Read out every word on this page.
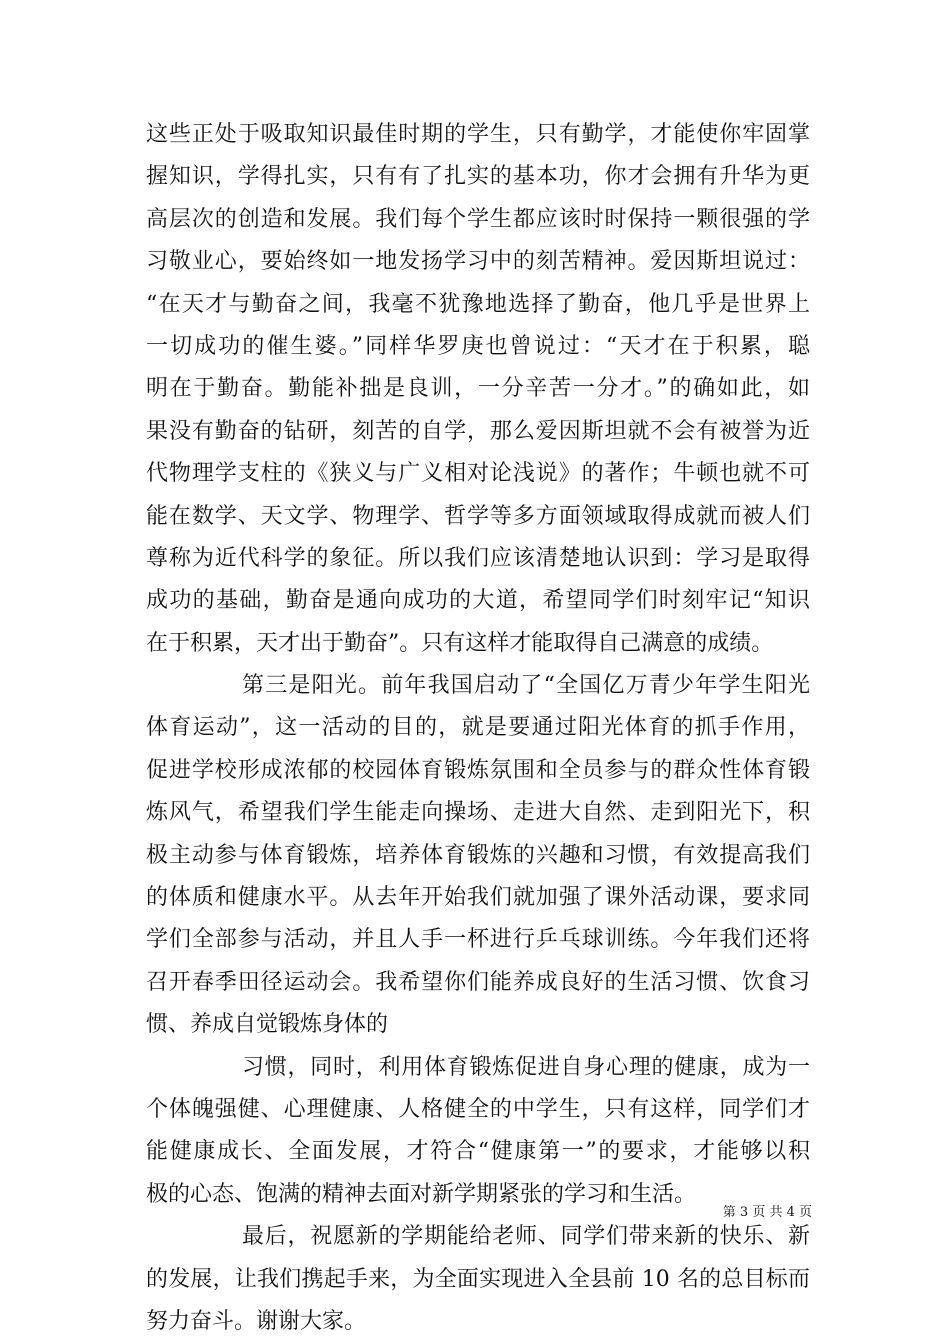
这些正处于吸取知识最佳时期的学生，只有勤学，才能使你牢固掌
握知识，学得扎实，只有有了扎实的基本功，你才会拥有升华为更
高层次的创造和发展。我们每个学生都应该时时保持一颗很强的学
习敬业心，要始终如一地发扬学习中的刻苦精神。爱因斯坦说过：
“在天才与勤奋之间，我毫不犹豫地选择了勤奋，他几乎是世界上
一切成功的催生婆。”同样华罗庚也曾说过：“天才在于积累，聪
明在于勤奋。勤能补拙是良训，一分辛苦一分才。”的确如此，如
果没有勤奋的钻研，刻苦的自学，那么爱因斯坦就不会有被誉为近
代物理学支柱的《狭义与广义相对论浅说》的著作；牛顿也就不可
能在数学、天文学、物理学、哲学等多方面领域取得成就而被人们
尊称为近代科学的象征。所以我们应该清楚地认识到：学习是取得
成功的基础，勤奋是通向成功的大道，希望同学们时刻牢记“知识
在于积累，天才出于勤奋”。只有这样才能取得自己满意的成绩。
第三是阳光。前年我国启动了“全国亿万青少年学生阳光
体育运动”，这一活动的目的，就是要通过阳光体育的抓手作用，
促进学校形成浓郁的校园体育锻炼氛围和全员参与的群众性体育锻
炼风气，希望我们学生能走向操场、走进大自然、走到阳光下，积
极主动参与体育锻炼，培养体育锻炼的兴趣和习惯，有效提高我们
的体质和健康水平。从去年开始我们就加强了课外活动课，要求同
学们全部参与活动，并且人手一杯进行乒乓球训练。今年我们还将
召开春季田径运动会。我希望你们能养成良好的生活习惯、饮食习
惯、养成自觉锻炼身体的
习惯，同时，利用体育锻炼促进自身心理的健康，成为一
个体魄强健、心理健康、人格健全的中学生，只有这样，同学们才
能健康成长、全面发展，才符合“健康第一”的要求，才能够以积
极的心态、饱满的精神去面对新学期紧张的学习和生活。
最后，祝愿新的学期能给老师、同学们带来新的快乐、新
的发展，让我们携起手来，为全面实现进入全县前 10 名的总目标而
努力奋斗。谢谢大家。
第 3 页 共 4 页
